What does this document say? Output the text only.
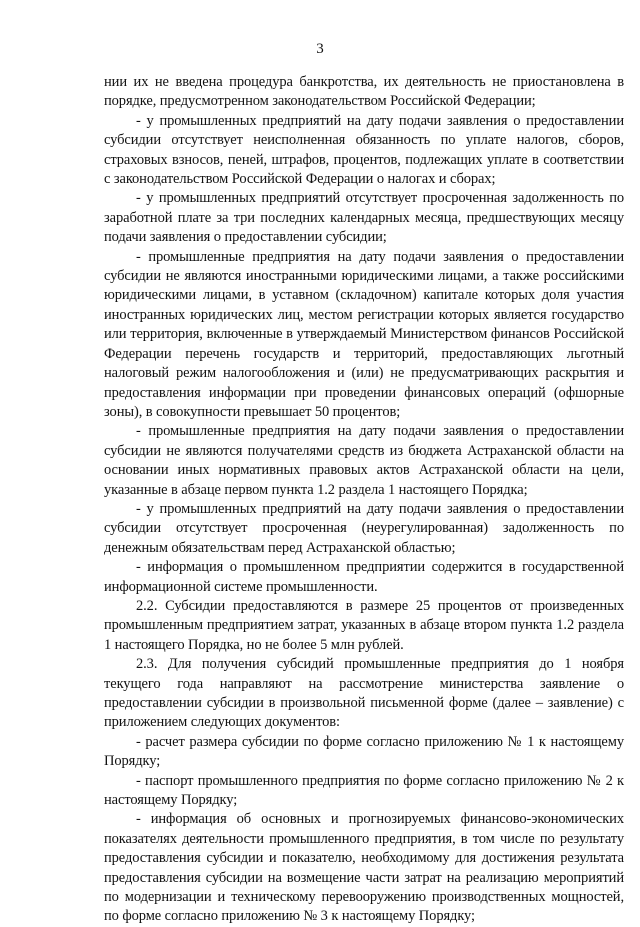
3

нии их не введена процедура банкротства, их деятельность не приостановлена в порядке, предусмотренном законодательством Российской Федерации;

- у промышленных предприятий на дату подачи заявления о предоставлении субсидии отсутствует неисполненная обязанность по уплате налогов, сборов, страховых взносов, пеней, штрафов, процентов, подлежащих уплате в соответствии с законодательством Российской Федерации о налогах и сборах;

- у промышленных предприятий отсутствует просроченная задолженность по заработной плате за три последних календарных месяца, предшествующих месяцу подачи заявления о предоставлении субсидии;

- промышленные предприятия на дату подачи заявления о предоставлении субсидии не являются иностранными юридическими лицами, а также российскими юридическими лицами, в уставном (складочном) капитале которых доля участия иностранных юридических лиц, местом регистрации которых является государство или территория, включенные в утверждаемый Министерством финансов Российской Федерации перечень государств и территорий, предоставляющих льготный налоговый режим налогообложения и (или) не предусматривающих раскрытия и предоставления информации при проведении финансовых операций (офшорные зоны), в совокупности превышает 50 процентов;

- промышленные предприятия на дату подачи заявления о предоставлении субсидии не являются получателями средств из бюджета Астраханской области на основании иных нормативных правовых актов Астраханской области на цели, указанные в абзаце первом пункта 1.2 раздела 1 настоящего Порядка;

- у промышленных предприятий на дату подачи заявления о предоставлении субсидии отсутствует просроченная (неурегулированная) задолженность по денежным обязательствам перед Астраханской областью;

- информация о промышленном предприятии содержится в государственной информационной системе промышленности.

2.2. Субсидии предоставляются в размере 25 процентов от произведенных промышленным предприятием затрат, указанных в абзаце втором пункта 1.2 раздела 1 настоящего Порядка, но не более 5 млн рублей.

2.3. Для получения субсидий промышленные предприятия до 1 ноября текущего года направляют на рассмотрение министерства заявление о предоставлении субсидии в произвольной письменной форме (далее – заявление) с приложением следующих документов:

- расчет размера субсидии по форме согласно приложению № 1 к настоящему Порядку;

- паспорт промышленного предприятия по форме согласно приложению № 2 к настоящему Порядку;

- информация об основных и прогнозируемых финансово-экономических показателях деятельности промышленного предприятия, в том числе по результату предоставления субсидии и показателю, необходимому для достижения результата предоставления субсидии на возмещение части затрат на реализацию мероприятий по модернизации и техническому перевооружению производственных мощностей, по форме согласно приложению № 3 к настоящему Порядку;
